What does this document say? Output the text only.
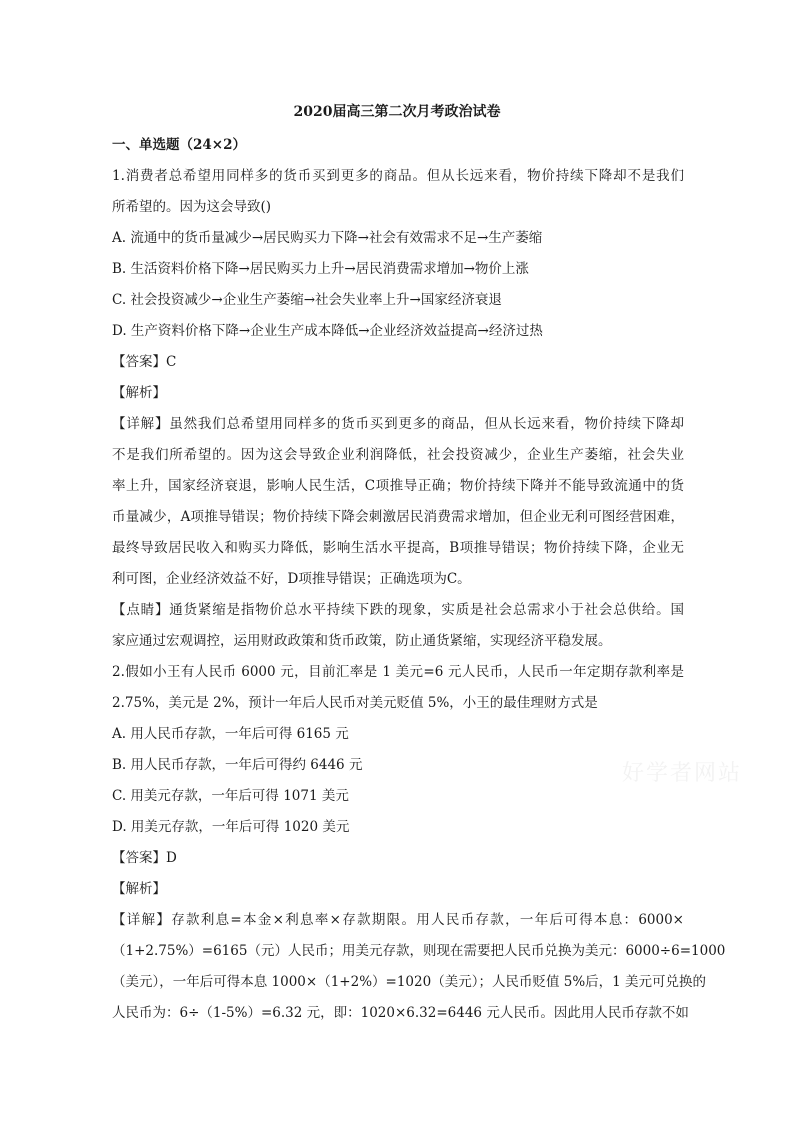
2020届高三第二次月考政治试卷
一、单选题（24×2）
1.消费者总希望用同样多的货币买到更多的商品。但从长远来看，物价持续下降却不是我们
所希望的。因为这会导致()
A. 流通中的货币量减少→居民购买力下降→社会有效需求不足→生产萎缩
B. 生活资料价格下降→居民购买力上升→居民消费需求增加→物价上涨
C. 社会投资减少→企业生产萎缩→社会失业率上升→国家经济衰退
D. 生产资料价格下降→企业生产成本降低→企业经济效益提高→经济过热
【答案】C
【解析】
【详解】虽然我们总希望用同样多的货币买到更多的商品，但从长远来看，物价持续下降却
不是我们所希望的。因为这会导致企业利润降低，社会投资减少，企业生产萎缩，社会失业
率上升，国家经济衰退，影响人民生活，C项推导正确；物价持续下降并不能导致流通中的货
币量减少，A项推导错误；物价持续下降会刺激居民消费需求增加，但企业无利可图经营困难，
最终导致居民收入和购买力降低，影响生活水平提高，B项推导错误；物价持续下降，企业无
利可图，企业经济效益不好，D项推导错误；正确选项为C。
【点睛】通货紧缩是指物价总水平持续下跌的现象，实质是社会总需求小于社会总供给。国
家应通过宏观调控，运用财政政策和货币政策，防止通货紧缩，实现经济平稳发展。
2.假如小王有人民币 6000 元，目前汇率是 1 美元=6 元人民币，人民币一年定期存款利率是
2.75%，美元是 2%，预计一年后人民币对美元贬值 5%，小王的最佳理财方式是
A. 用人民币存款，一年后可得 6165 元
B. 用人民币存款，一年后可得约 6446 元
C. 用美元存款，一年后可得 1071 美元
D. 用美元存款，一年后可得 1020 美元
【答案】D
【解析】
【详解】存款利息=本金×利息率×存款期限。用人民币存款，一年后可得本息：6000×
（1+2.75%）=6165（元）人民币；用美元存款，则现在需要把人民币兑换为美元：6000÷6=1000
（美元），一年后可得本息 1000×（1+2%）=1020（美元）；人民币贬值 5%后，1 美元可兑换的
人民币为：6÷（1-5%）=6.32 元，即：1020×6.32=6446 元人民币。因此用人民币存款不如
好学者网站
